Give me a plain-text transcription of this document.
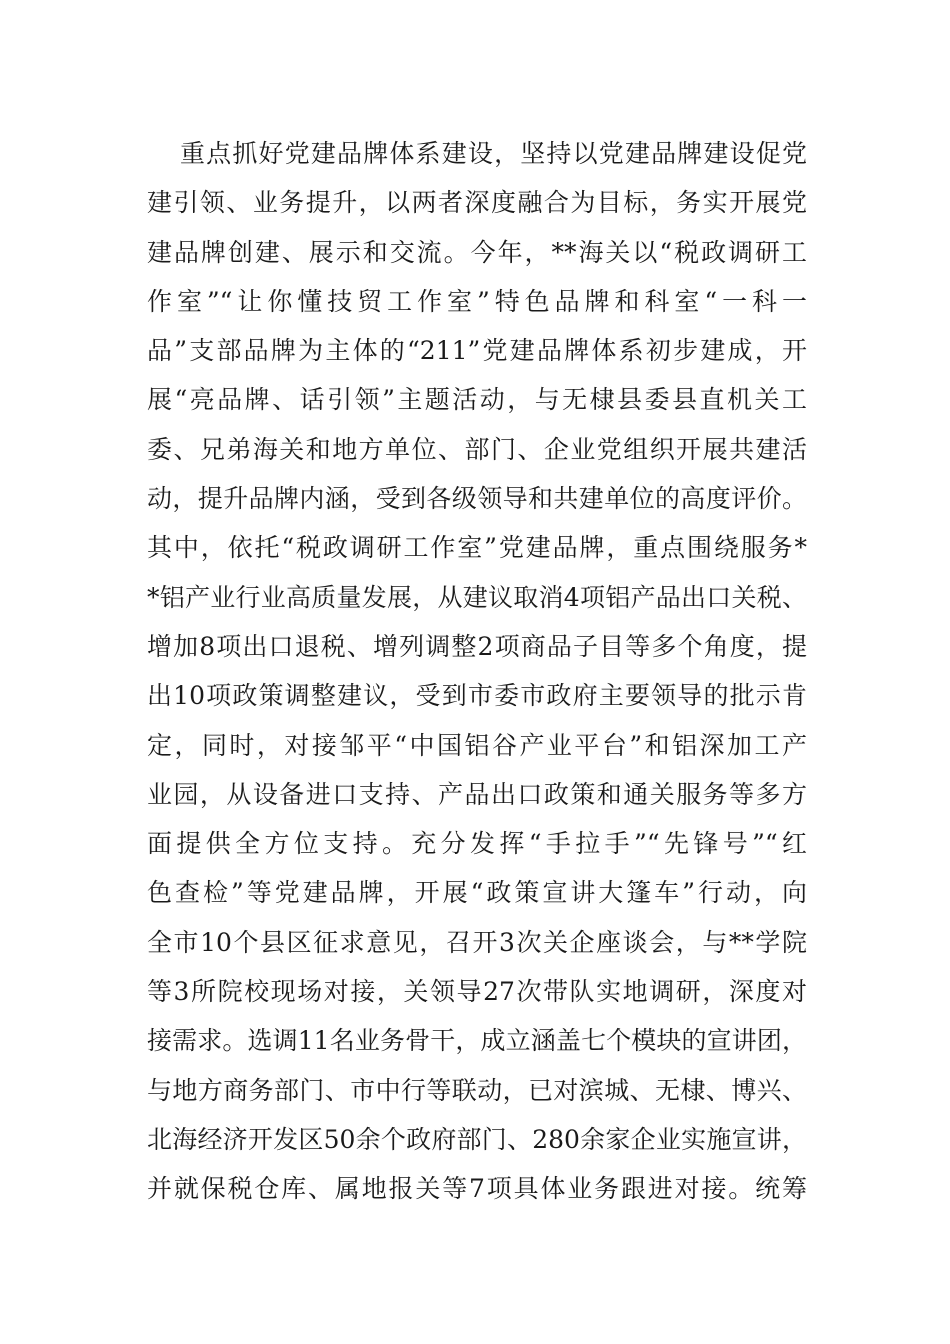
重点抓好党建品牌体系建设，坚持以党建品牌建设促党
建引领、业务提升，以两者深度融合为目标，务实开展党
建品牌创建、展示和交流。今年，**海关以“税政调研工
作室”“让你懂技贸工作室”特色品牌和科室“一科一
品”支部品牌为主体的“211”党建品牌体系初步建成，开
展“亮品牌、话引领”主题活动，与无棣县委县直机关工
委、兄弟海关和地方单位、部门、企业党组织开展共建活
动，提升品牌内涵，受到各级领导和共建单位的高度评价。
其中，依托“税政调研工作室”党建品牌，重点围绕服务*
*铝产业行业高质量发展，从建议取消4项铝产品出口关税、
增加8项出口退税、增列调整2项商品子目等多个角度，提
出10项政策调整建议，受到市委市政府主要领导的批示肯
定，同时，对接邹平“中国铝谷产业平台”和铝深加工产
业园，从设备进口支持、产品出口政策和通关服务等多方
面提供全方位支持。充分发挥“手拉手”“先锋号”“红
色查检”等党建品牌，开展“政策宣讲大篷车”行动，向
全市10个县区征求意见，召开3次关企座谈会，与**学院
等3所院校现场对接，关领导27次带队实地调研，深度对
接需求。选调11名业务骨干，成立涵盖七个模块的宣讲团，
与地方商务部门、市中行等联动，已对滨城、无棣、博兴、
北海经济开发区50余个政府部门、280余家企业实施宣讲，
并就保税仓库、属地报关等7项具体业务跟进对接。统筹
